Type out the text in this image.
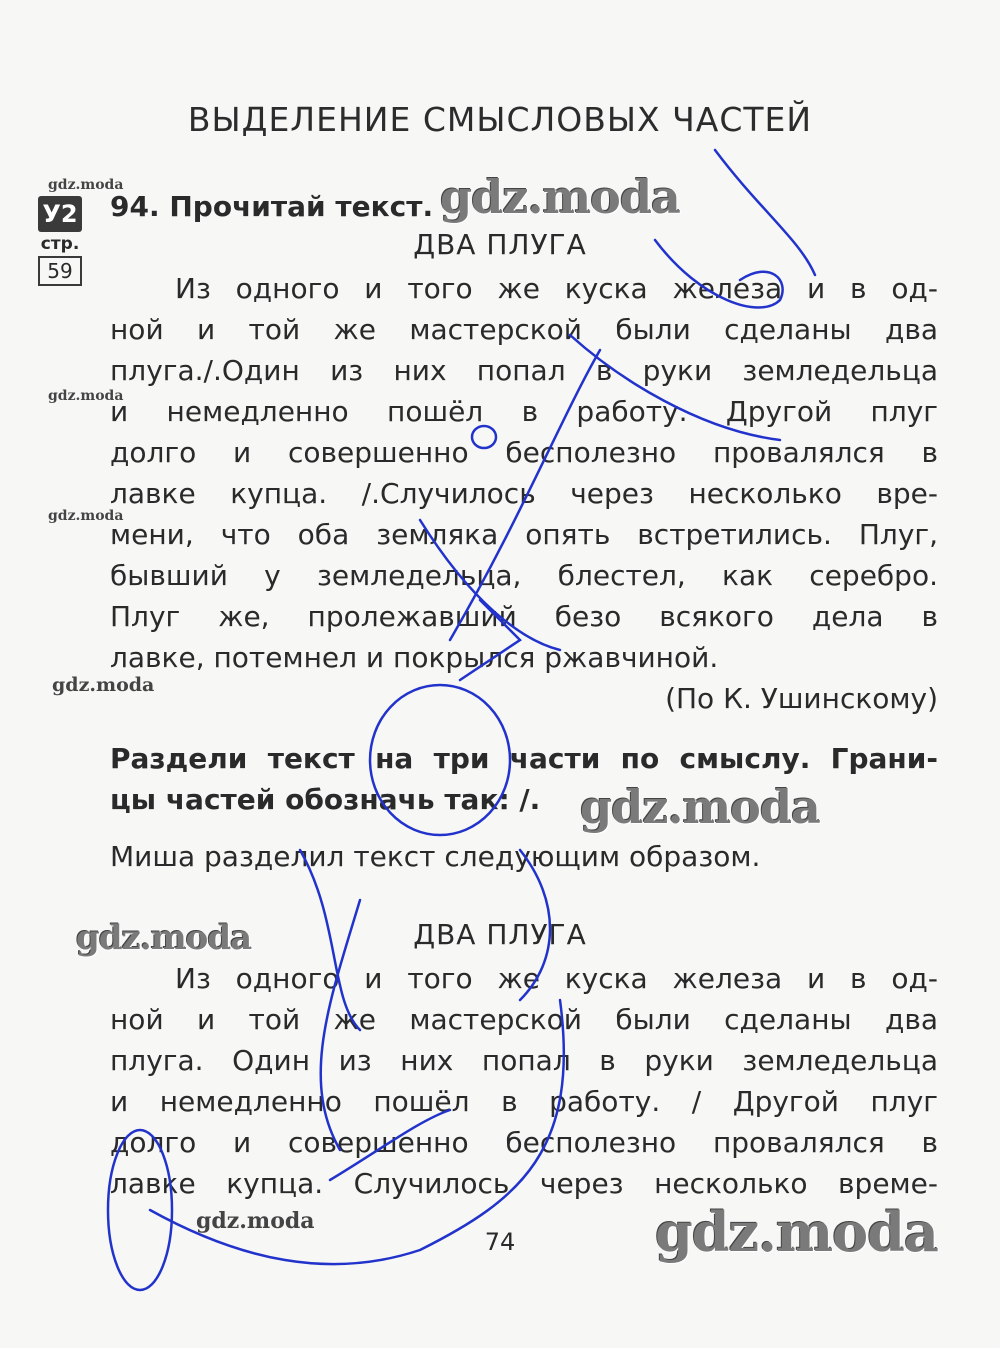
ВЫДЕЛЕНИЕ СМЫСЛОВЫХ ЧАСТЕЙ
У2
стр.
59
94. Прочитай текст.
ДВА ПЛУГА
Из одного и того же куска железа и в од-
ной и той же мастерской были сделаны два
плуга./.Один из них попал в руки земледельца
и немедленно пошёл в работу. Другой плуг
долго и совершенно бесполезно провалялся в
лавке купца. /.Случилось через несколько вре-
мени, что оба земляка опять встретились. Плуг,
бывший у земледельца, блестел, как серебро.
Плуг же, пролежавший безо всякого дела в
лавке, потемнел и покрылся ржавчиной.
(По К. Ушинскому)
Раздели текст на три части по смыслу. Грани-
цы частей обозначь так: /.
Миша разделил текст следующим образом.
ДВА ПЛУГА
Из одного и того же куска железа и в од-
ной и той же мастерской были сделаны два
плуга. Один из них попал в руки земледельца
и немедленно пошёл в работу. / Другой плуг
долго и совершенно бесполезно провалялся в
лавке купца. Случилось через несколько време-
74
gdz.moda
gdz.moda
gdz.moda
gdz.moda
gdz.moda
gdz.moda
gdz.moda
gdz.moda
gdz.moda
